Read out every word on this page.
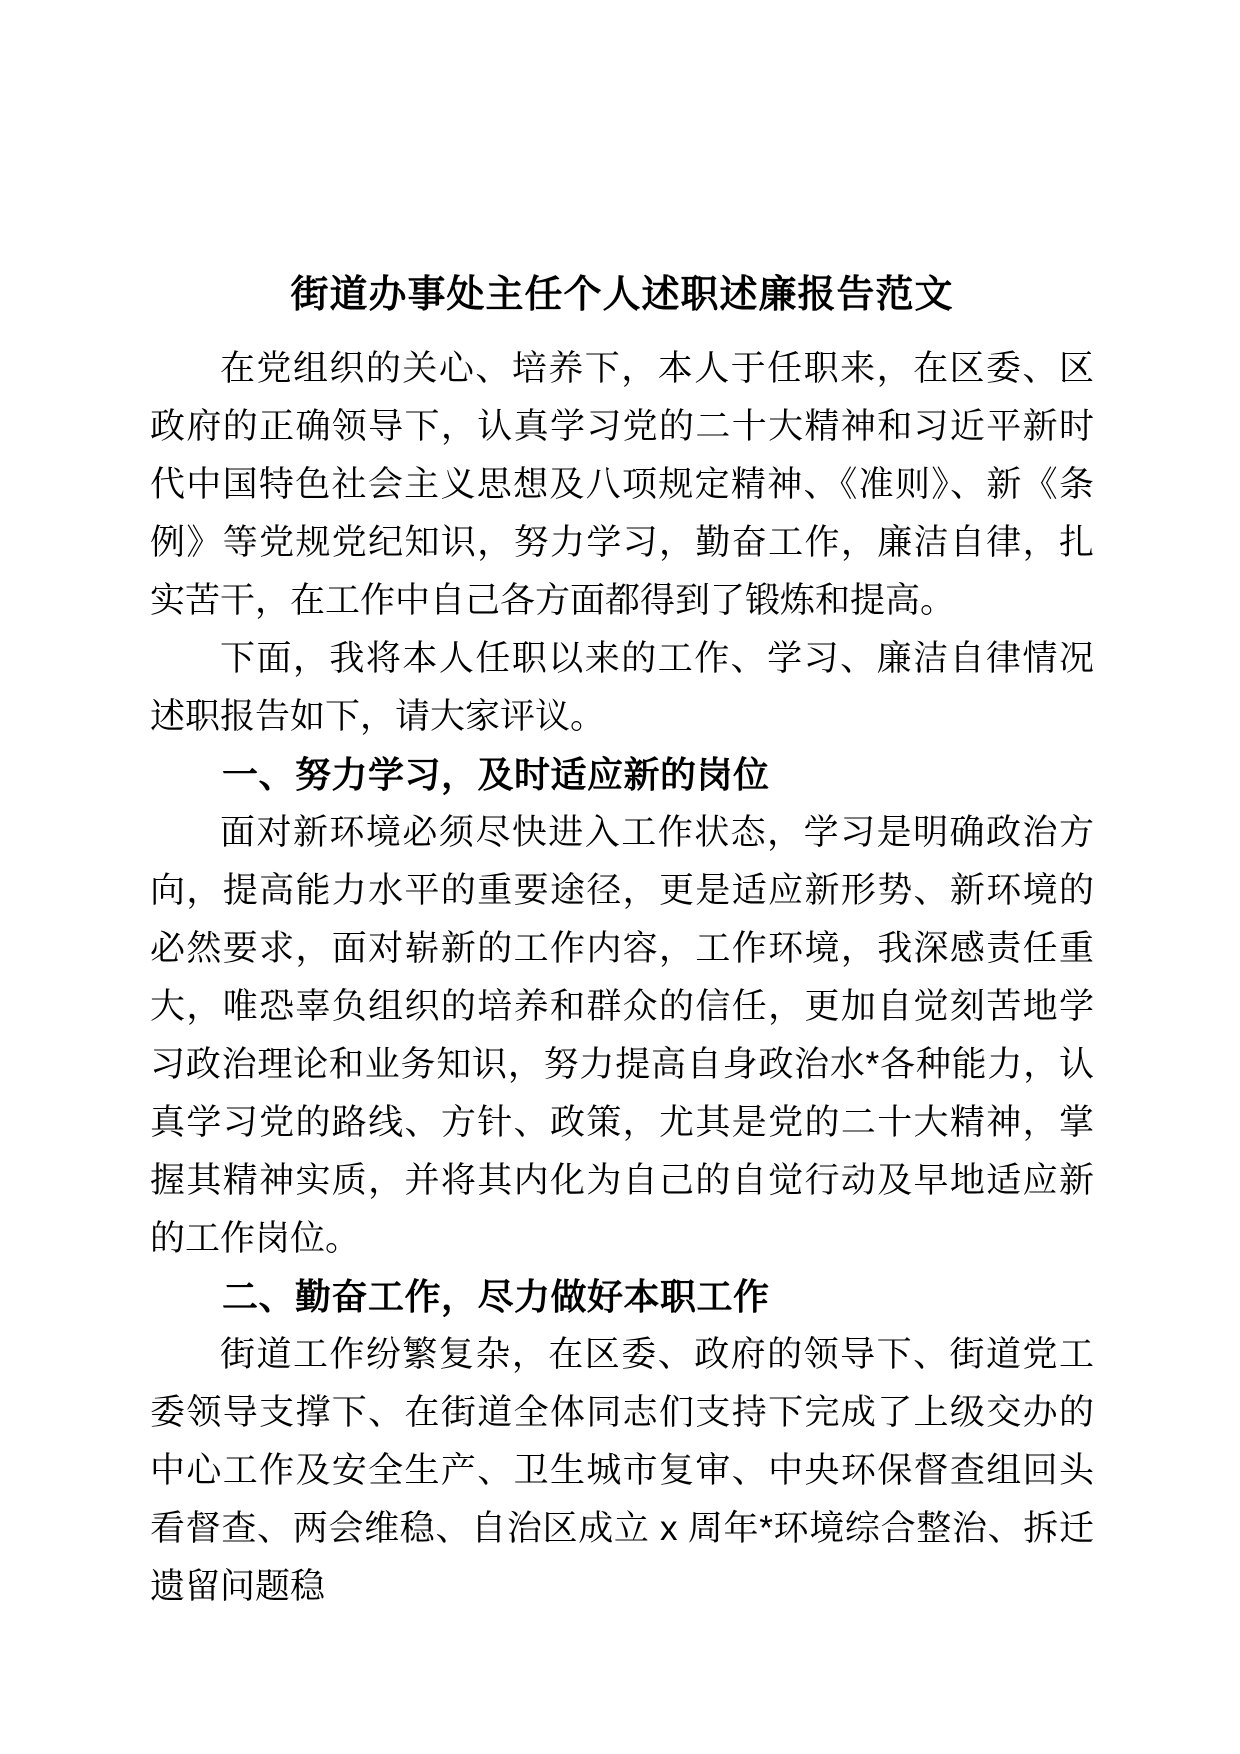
街道办事处主任个人述职述廉报告范文

在党组织的关心、培养下，本人于任职来，在区委、区政府的正确领导下，认真学习党的二十大精神和习近平新时代中国特色社会主义思想及八项规定精神、《准则》、新《条例》等党规党纪知识，努力学习，勤奋工作，廉洁自律，扎实苦干，在工作中自己各方面都得到了锻炼和提高。

下面，我将本人任职以来的工作、学习、廉洁自律情况述职报告如下，请大家评议。

一、努力学习，及时适应新的岗位

面对新环境必须尽快进入工作状态，学习是明确政治方向，提高能力水平的重要途径，更是适应新形势、新环境的必然要求，面对崭新的工作内容，工作环境，我深感责任重大，唯恐辜负组织的培养和群众的信任，更加自觉刻苦地学习政治理论和业务知识，努力提高自身政治水*各种能力，认真学习党的路线、方针、政策，尤其是党的二十大精神，掌握其精神实质，并将其内化为自己的自觉行动及早地适应新的工作岗位。

二、勤奋工作，尽力做好本职工作

街道工作纷繁复杂，在区委、政府的领导下、街道党工委领导支撑下、在街道全体同志们支持下完成了上级交办的中心工作及安全生产、卫生城市复审、中央环保督查组回头看督查、两会维稳、自治区成立 x 周年*环境综合整治、拆迁遗留问题稳
